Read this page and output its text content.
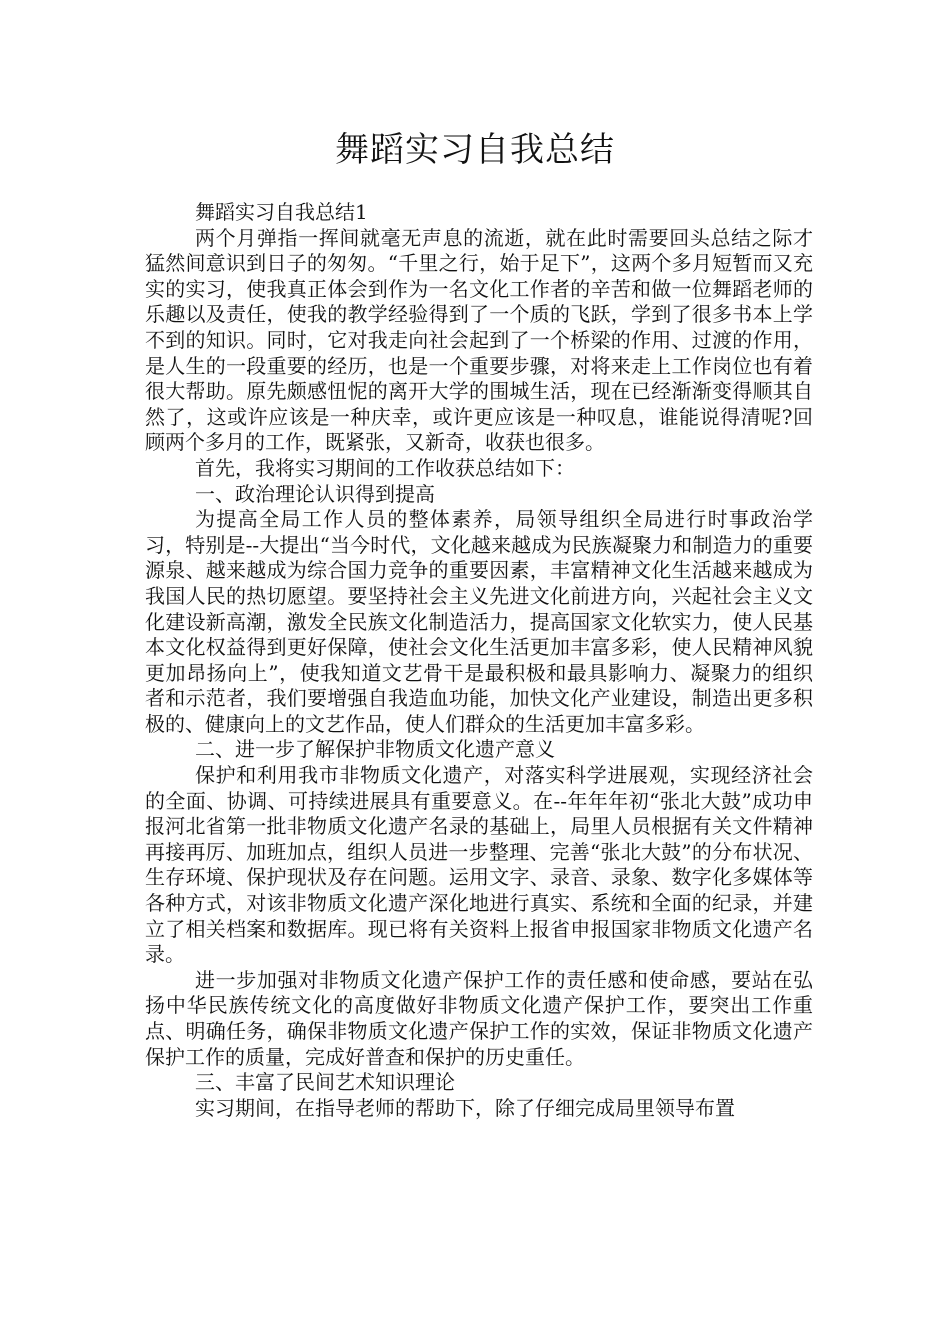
舞蹈实习自我总结

舞蹈实习自我总结1

两个月弹指一挥间就毫无声息的流逝，就在此时需要回头总结之际才猛然间意识到日子的匆匆。“千里之行，始于足下”，这两个多月短暂而又充实的实习，使我真正体会到作为一名文化工作者的辛苦和做一位舞蹈老师的乐趣以及责任，使我的教学经验得到了一个质的飞跃，学到了很多书本上学不到的知识。同时，它对我走向社会起到了一个桥梁的作用、过渡的作用，是人生的一段重要的经历，也是一个重要步骤，对将来走上工作岗位也有着很大帮助。原先颇感忸怩的离开大学的围城生活，现在已经渐渐变得顺其自然了，这或许应该是一种庆幸，或许更应该是一种叹息，谁能说得清呢?回顾两个多月的工作，既紧张，又新奇，收获也很多。

首先，我将实习期间的工作收获总结如下：

一、政治理论认识得到提高

为提高全局工作人员的整体素养，局领导组织全局进行时事政治学习，特别是--大提出“当今时代，文化越来越成为民族凝聚力和制造力的重要源泉、越来越成为综合国力竞争的重要因素，丰富精神文化生活越来越成为我国人民的热切愿望。要坚持社会主义先进文化前进方向，兴起社会主义文化建设新高潮，激发全民族文化制造活力，提高国家文化软实力，使人民基本文化权益得到更好保障，使社会文化生活更加丰富多彩，使人民精神风貌更加昂扬向上”，使我知道文艺骨干是最积极和最具影响力、凝聚力的组织者和示范者，我们要增强自我造血功能，加快文化产业建设，制造出更多积极的、健康向上的文艺作品，使人们群众的生活更加丰富多彩。

二、进一步了解保护非物质文化遗产意义

保护和利用我市非物质文化遗产，对落实科学进展观，实现经济社会的全面、协调、可持续进展具有重要意义。在--年年年初“张北大鼓”成功申报河北省第一批非物质文化遗产名录的基础上，局里人员根据有关文件精神再接再厉、加班加点，组织人员进一步整理、完善“张北大鼓”的分布状况、生存环境、保护现状及存在问题。运用文字、录音、录象、数字化多媒体等各种方式，对该非物质文化遗产深化地进行真实、系统和全面的纪录，并建立了相关档案和数据库。现已将有关资料上报省申报国家非物质文化遗产名录。

进一步加强对非物质文化遗产保护工作的责任感和使命感，要站在弘扬中华民族传统文化的高度做好非物质文化遗产保护工作，要突出工作重点、明确任务，确保非物质文化遗产保护工作的实效，保证非物质文化遗产保护工作的质量，完成好普查和保护的历史重任。

三、丰富了民间艺术知识理论

实习期间，在指导老师的帮助下，除了仔细完成局里领导布置
